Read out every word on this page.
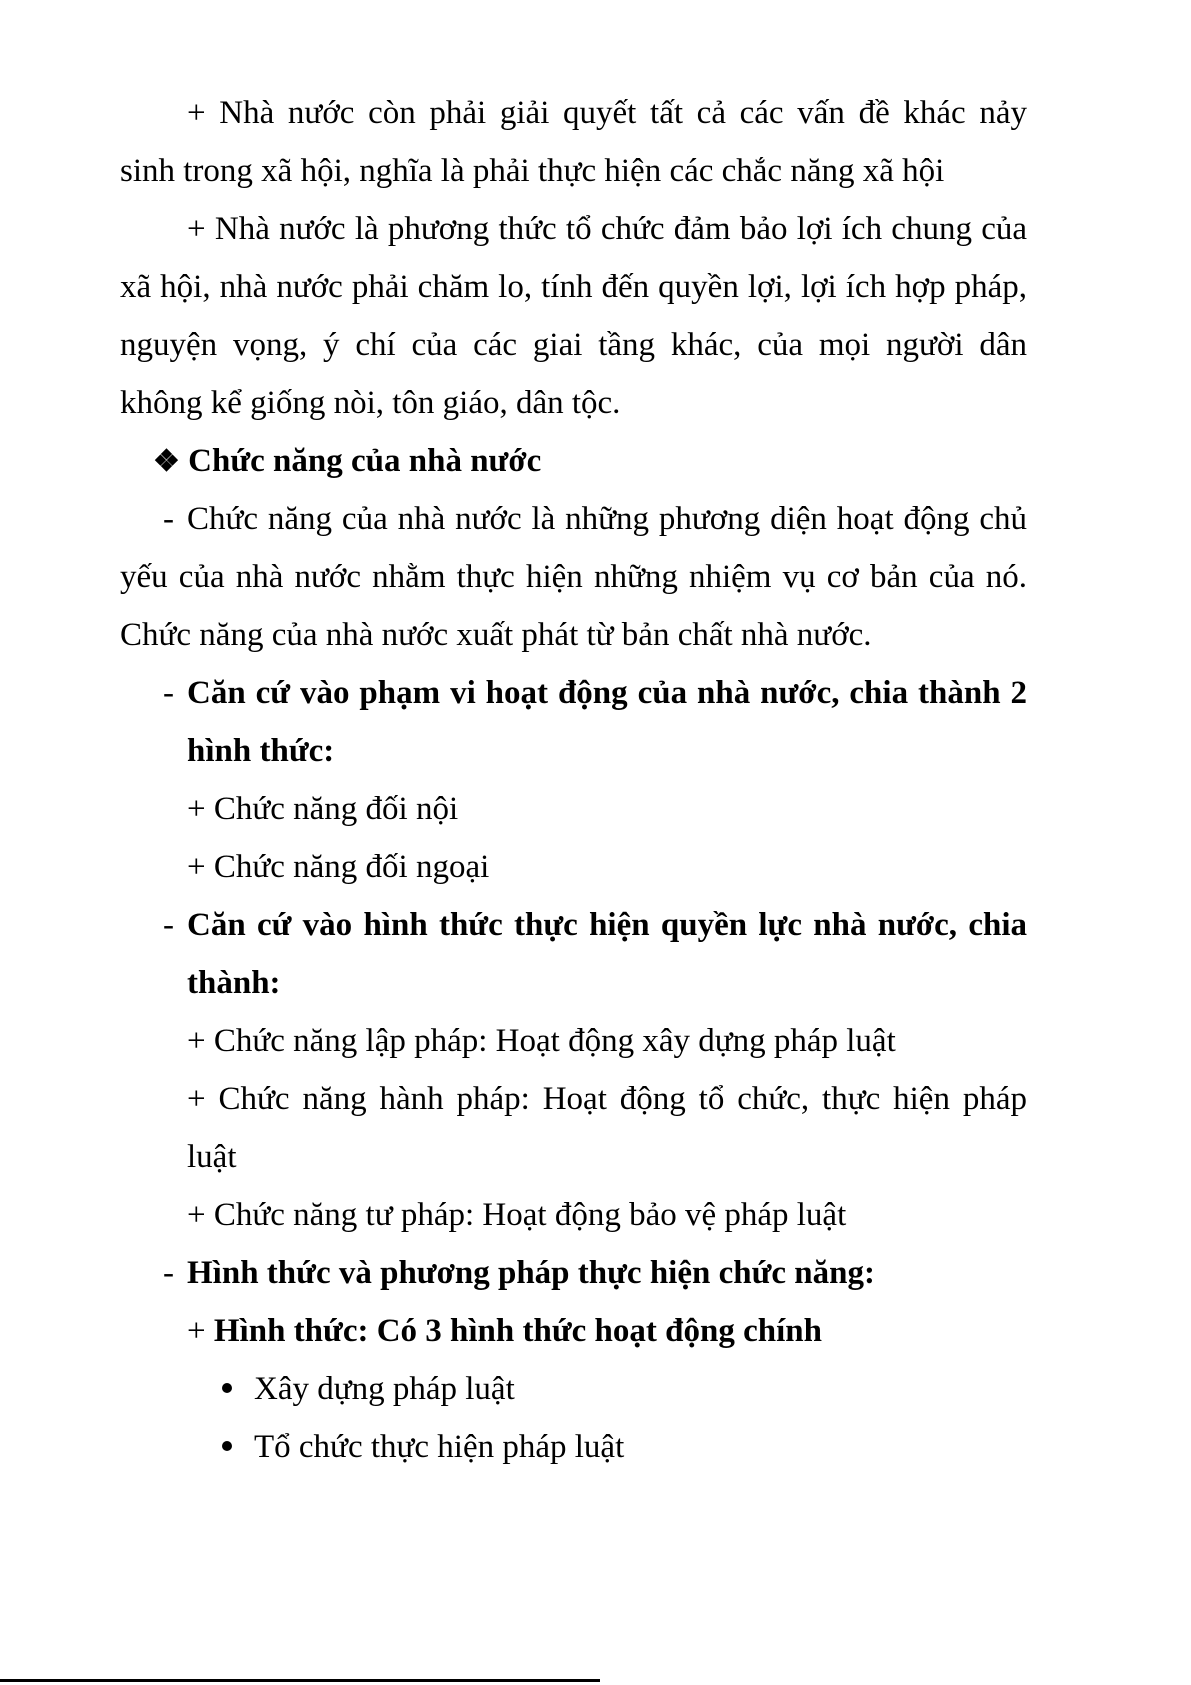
+ Nhà nước còn phải giải quyết tất cả các vấn đề khác nảy
sinh trong xã hội, nghĩa là phải thực hiện các chắc năng xã hội
+ Nhà nước là phương thức tổ chức đảm bảo lợi ích chung của
xã hội, nhà nước phải chăm lo, tính đến quyền lợi, lợi ích hợp pháp,
nguyện vọng, ý chí của các giai tầng khác, của mọi người dân
không kể giống nòi, tôn giáo, dân tộc.
❖ Chức năng của nhà nước
- Chức năng của nhà nước là những phương diện hoạt động chủ
yếu của nhà nước nhằm thực hiện những nhiệm vụ cơ bản của nó.
Chức năng của nhà nước xuất phát từ bản chất nhà nước.
- Căn cứ vào phạm vi hoạt động của nhà nước, chia thành 2
hình thức:
+ Chức năng đối nội
+ Chức năng đối ngoại
- Căn cứ vào hình thức thực hiện quyền lực nhà nước, chia
thành:
+ Chức năng lập pháp: Hoạt động xây dựng pháp luật
+ Chức năng hành pháp: Hoạt động tổ chức, thực hiện pháp
luật
+ Chức năng tư pháp: Hoạt động bảo vệ pháp luật
- Hình thức và phương pháp thực hiện chức năng:
+ Hình thức: Có 3 hình thức hoạt động chính
Xây dựng pháp luật
Tổ chức thực hiện pháp luật
